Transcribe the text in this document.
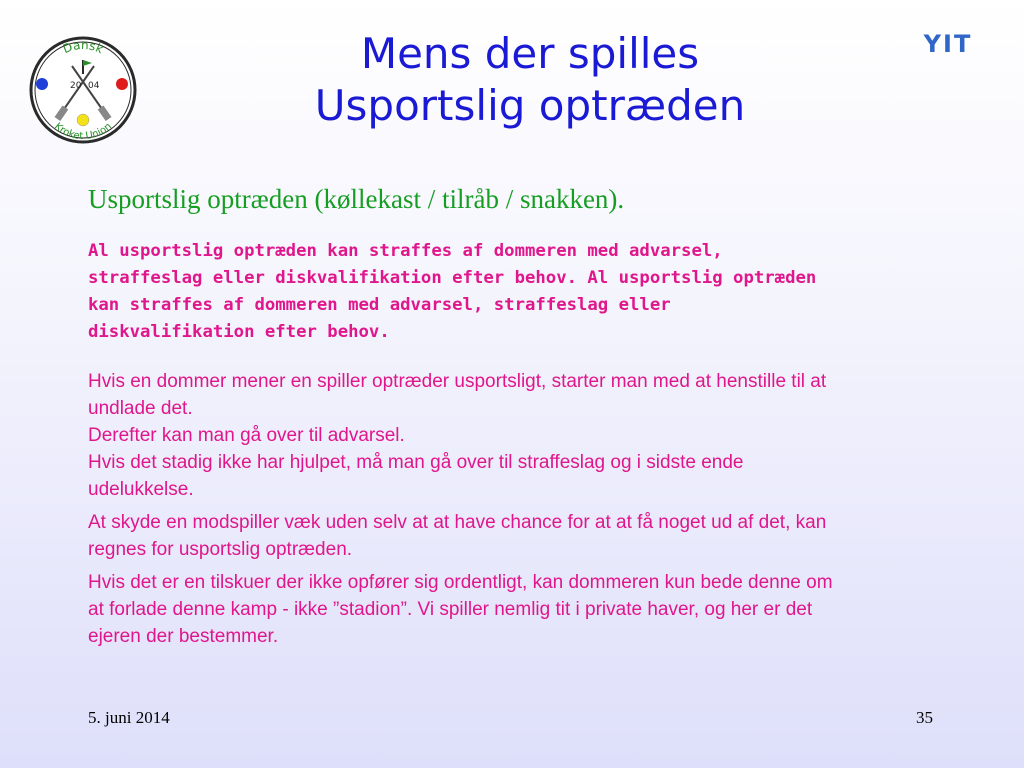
Dansk
Kroket Union
20 04
YIT
Mens der spilles
Usportslig optræden
Usportslig optræden (køllekast / tilråb / snakken).
Al usportslig optræden kan straffes af dommeren med advarsel,
straffeslag eller diskvalifikation efter behov. Al usportslig optræden
kan straffes af dommeren med advarsel, straffeslag eller
diskvalifikation efter behov.

Hvis en dommer mener en spiller optræder usportsligt, starter man med at henstille til at
undlade det.
Derefter kan man gå over til advarsel.
Hvis det stadig ikke har hjulpet, må man gå over til straffeslag og i sidste ende
udelukkelse.

At skyde en modspiller væk uden selv at at have chance for at at få noget ud af det, kan
regnes for usportslig optræden.

Hvis det er en tilskuer der ikke opfører sig ordentligt, kan dommeren kun bede denne om
at forlade denne kamp - ikke ”stadion”. Vi spiller nemlig tit i private haver, og her er det
ejeren der bestemmer.

5. juni 2014	35
